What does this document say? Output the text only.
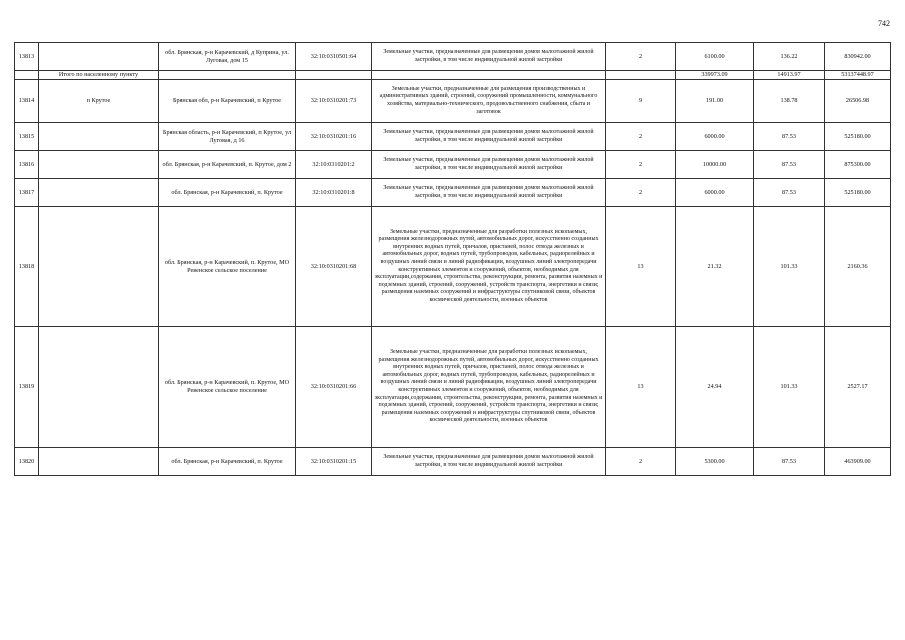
742
13813		обл. Брянская, р-н Карачевский, д Куприна, ул. Луговая, дом 15	32:10:0310501:64	Земельные участки, предназначенные для размещения домов малоэтажной жилой застройки, в том числе индивидуальной жилой застройки	2	6100.00	136.22	830942.00
	Итого по населенному пункту					339973.09	14913.97	53137448.97
13814	п Крутое	Брянская обл, р-н Карачевский, п Крутое	32:10:0310201:73	Земельные участки, предназначенные для размещения производственных и административных зданий, строений, сооружений промышленности, коммунального хозяйства, материально-технического, продовольственного снабжения, сбыта и заготовок	9	191.00	138.78	26506.98
13815		Брянская область, р-н Карачевский, п Крутое, ул Луговая, д 16	32:10:0310201:16	Земельные участки, предназначенные для размещения домов малоэтажной жилой застройки, в том числе индивидуальной жилой застройки	2	6000.00	87.53	525180.00
13816		обл. Брянская, р-н Карачевский, п. Крутое, дом 2	32:10:0310201:2	Земельные участки, предназначенные для размещения домов малоэтажной жилой застройки, в том числе индивидуальной жилой застройки	2	10000.00	87.53	875300.00
13817		обл. Брянская, р-н Карачевский, п. Крутое	32:10:0310201:8	Земельные участки, предназначенные для размещения домов малоэтажной жилой застройки, в том числе индивидуальной жилой застройки	2	6000.00	87.53	525180.00
13818		обл. Брянская, р-н Карачевский, п. Крутое, МО Ревенское сельское поселение	32:10:0310201:68	Земельные участки, предназначенные для разработки полезных ископаемых, размещения железнодорожных путей, автомобильных дорог, искусственно созданных внутренних водных путей, причалов, пристаней, полос отвода железных и автомобильных дорог, водных путей, трубопроводов, кабельных, радиорелейных и воздушных линий связи и линий радиофикации, воздушных линий электропередачи конструктивных элементов и сооружений, объектов, необходимых для эксплуатации,содержания, строительства, реконструкции, ремонта, развития наземных и подземных зданий, строений, сооружений, устройств транспорта, энергетики и связи; размещения наземных сооружений и инфраструктуры спутниковой связи, объектов космической деятельности, военных объектов	13	21.32	101.33	2160.36
13819		обл. Брянская, р-н Карачевский, п. Крутое, МО Ревенское сельское поселение	32:10:0310201:66	Земельные участки, предназначенные для разработки полезных ископаемых, размещения железнодорожных путей, автомобильных дорог, искусственно созданных внутренних водных путей, причалов, пристаней, полос отвода железных и автомобильных дорог, водных путей, трубопроводов, кабельных, радиорелейных и воздушных линий связи и линий радиофикации, воздушных линий электропередачи конструктивных элементов и сооружений, объектов, необходимых для эксплуатации,содержания, строительства, реконструкции, ремонта, развития наземных и подземных зданий, строений, сооружений, устройств транспорта, энергетики и связи; размещения наземных сооружений и инфраструктуры спутниковой связи, объектов космической деятельности, военных объектов	13	24.94	101.33	2527.17
13820		обл. Брянская, р-н Карачевский, п. Крутое	32:10:0310201:15	Земельные участки, предназначенные для размещения домов малоэтажной жилой застройки, в том числе индивидуальной жилой застройки	2	5300.00	87.53	463909.00
